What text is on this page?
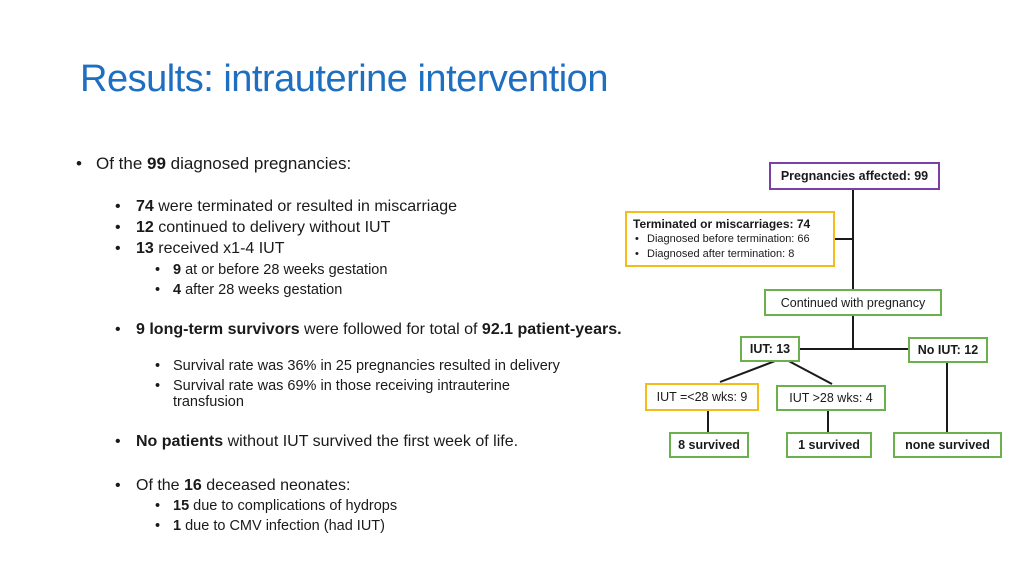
Results: intrauterine intervention

• Of the 99 diagnosed pregnancies:

• 74 were terminated or resulted in miscarriage

• 12 continued to delivery without IUT

• 13 received x1-4 IUT

• 9 at or before 28 weeks gestation

• 4 after 28 weeks gestation

• 9 long-term survivors were followed for total of 92.1 patient-years.

• Survival rate was 36% in 25 pregnancies resulted in delivery

• Survival rate was 69% in those receiving intrauterine transfusion

• No patients without IUT survived the first week of life.

• Of the 16 deceased neonates:

• 15 due to complications of hydrops

• 1 due to CMV infection (had IUT)

Pregnancies affected: 99
Terminated or miscarriages: 74
• Diagnosed before termination: 66
• Diagnosed after termination: 8
Continued with pregnancy
IUT: 13	No IUT: 12
IUT =<28 wks: 9	IUT >28 wks: 4
8 survived	1 survived	none survived
